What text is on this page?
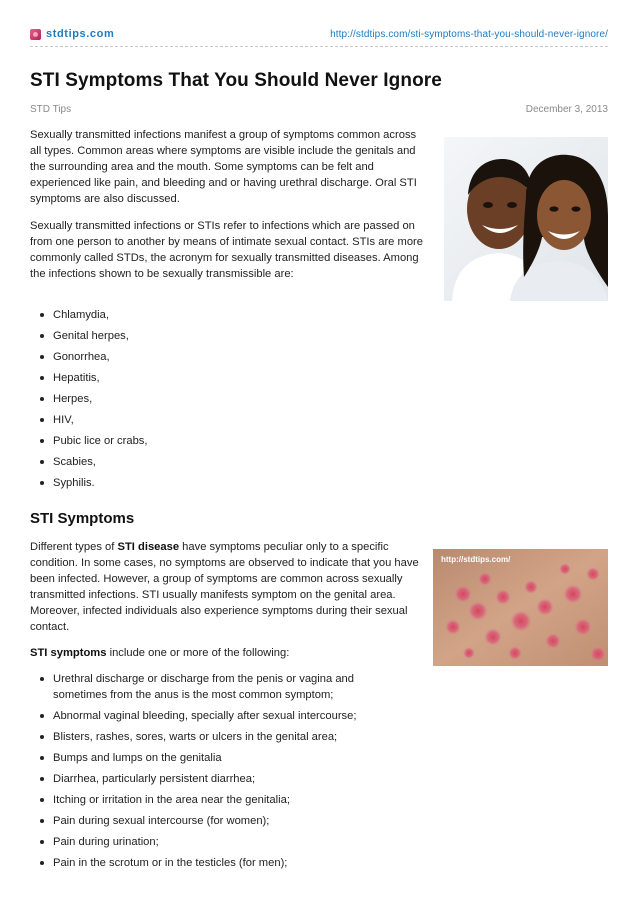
stdtips.com	http://stdtips.com/sti-symptoms-that-you-should-never-ignore/
STI Symptoms That You Should Never Ignore
STD Tips	December 3, 2013

Sexually transmitted infections manifest a group of symptoms common across all types. Common areas where symptoms are visible include the genitals and the surrounding area and the mouth. Some symptoms can be felt and experienced like pain, and bleeding and or having urethral discharge. Oral STI symptoms are also discussed.

Sexually transmitted infections or STIs refer to infections which are passed on from one person to another by means of intimate sexual contact. STIs are more commonly called STDs, the acronym for sexually transmitted diseases. Among the infections shown to be sexually transmissible are:

Chlamydia,
Genital herpes,
Gonorrhea,
Hepatitis,
Herpes,
HIV,
Pubic lice or crabs,
Scabies,
Syphilis.
STI Symptoms

Different types of STI disease have symptoms peculiar only to a specific condition. In some cases, no symptoms are observed to indicate that you have been infected. However, a group of symptoms are common across sexually transmitted infections. STI usually manifests symptom on the genital area. Moreover, infected individuals also experience symptoms during their sexual contact.

http://stdtips.com/

STI symptoms include one or more of the following:

Urethral discharge or discharge from the penis or vagina and sometimes from the anus is the most common symptom;
Abnormal vaginal bleeding, specially after sexual intercourse;
Blisters, rashes, sores, warts or ulcers in the genital area;
Bumps and lumps on the genitalia
Diarrhea, particularly persistent diarrhea;
Itching or irritation in the area near the genitalia;
Pain during sexual intercourse (for women);
Pain during urination;
Pain in the scrotum or in the testicles (for men);
